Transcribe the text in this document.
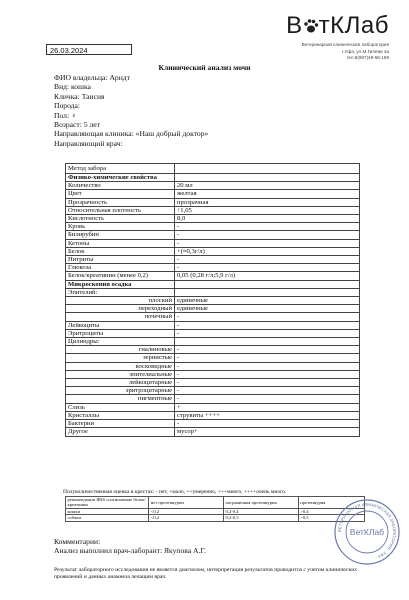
26.03.2024
В тКЛаб
Ветеринарная клиническая лаборатория
г.Уфа, ул.М.Гилеви 4а
тел.8(987)49-66-189
Клинический анализ мочи
ФИО владельца: Арндт
Вид: кошка
Кличка: Таисия
Порода:
Пол: ♀
Возраст: 5 лет
Направляющая клиника: «Наш добрый доктор»
Направляющий врач:
Метод забора	
Физико-химические свойства	
Количество	20 мл
Цвет	желтая
Прозрачность	прозрачная
Относительная плотность	↑1,05
Кислотность	8,0
Кровь	-
Билирубин	-
Кетоны	-
Белок	+(≈0,3г/л)
Нитриты	-
Глюкоза	-
Белок/креатинин (менее 0,2)	0,05 (0,28 г/л;5,9 г/л)
Микроскопия осадка	
Эпителий:	
плоский	единичные
переходный	единичные
почечный	-
Лейкоциты	-
Эритроциты	-
Цилиндры:	
гиалиновые	-
зернистые	-
восковидные	-
эпителиальные	-
лейкоцитарные	-
эритроцитарные	-
пигментные	-
Слизь	+
Кристаллы	струвиты ++++
Бактерии	-
Другое	мусор+
Полуколичественная оценка в крестах: - нет, +мало, ++умеренно, +++много, ++++очень много.
рекомендации IRIS соотношение белок/креатинин	нет протеинурии	пограничная протеинурия	протеинурия
кошки	<0,2	0,2-0,4	>0,4
собаки	<0,2	0,2-0,5	>0,5
Комментарии:
Анализ выполнил врач-лаборант: Якупова А.Г.
Результат лабораторного исследования не является диагнозом, интерпретация результатов проводится с учетом клинических проявлений и данных анамнеза лечащим врач.
ВЕТЕРИНАРНАЯ КЛИНИЧЕСКАЯ ЛАБОРАТОРИЯ · УФА ·
ВетКЛаб
